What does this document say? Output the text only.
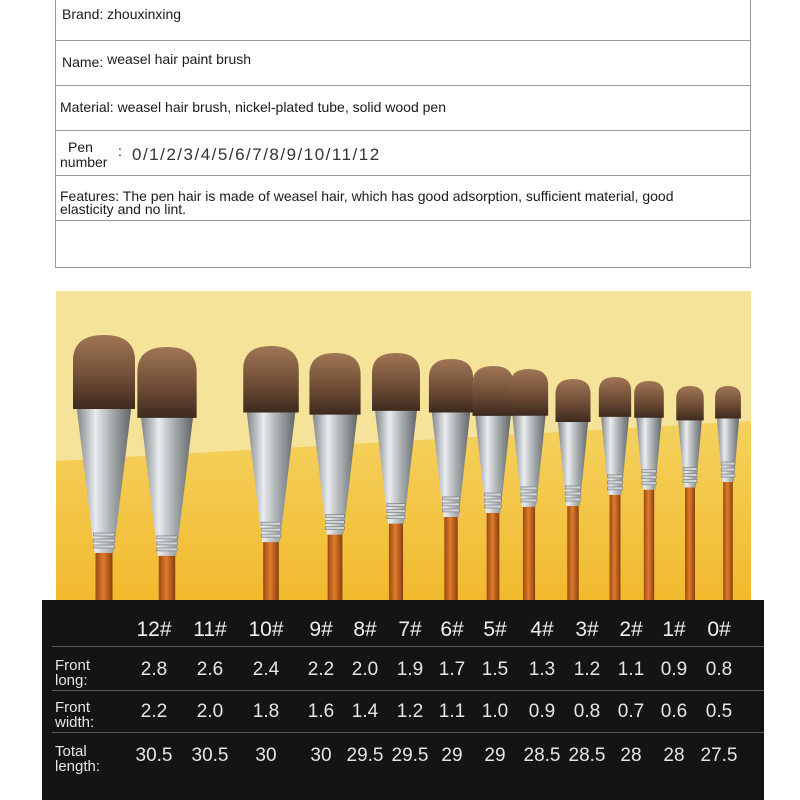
Brand: zhouxinxing
Name: weasel hair paint brush
Material: weasel hair brush, nickel-plated tube, solid wood pen
Pen
number
: 0/1/2/3/4/5/6/7/8/9/10/11/12
Features: The pen hair is made of weasel hair, which has good adsorption, sufficient material, good elasticity and no lint.
12#	11#	10#	9# 8#	7# 6# 5#	4#	3# 2# 1#	0#
Front
long:
2.8	2.6	2.4	2.2 2.0 1.9 1.7 1.5	1.3 1.2 1.1 0.9 0.8
Front
width:
2.2	2.0	1.8	1.6 1.4 1.2 1.1 1.0	0.9 0.8 0.7 0.6 0.5
Total
length:
30.5	30.5	30	30 29.5 29.5 29	29 28.5 28.5 28	28 27.5
